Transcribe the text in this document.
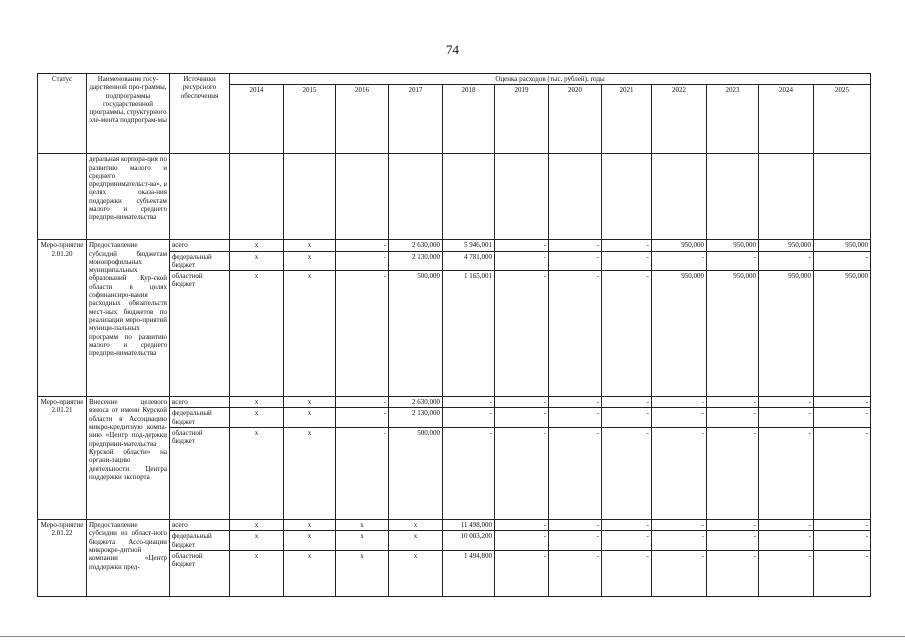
74
Статус	Наименование госу-дарственной про-граммы, подпрограммы государственной программы, структурного эле-мента подпрограм-мы	Источники ресурсного обеспечения	Оценка расходов (тыс. рублей), годы												
			2014	2015	2016	2017	2018	2019	2020	2021	2022	2023	2024	2025	
	деральная корпора-ция по развитию малого и среднего предпринимательст-ва», в целях оказа-ния поддержки субъектам малого и среднего предпри-нимательства														
Меро-приятие 2.01.20	Предоставление субсидий бюджетам монопрофильных муниципальных образований Кур-ской области в целях софинансиро-вания расходных обязательств мест-ных бюджетов по реализации меро-приятий муници-пальных программ по развитию малого и среднего предпри-нимательства	всего	x	x	-	2 630,000	5 946,001	-	-	-	950,000	950,000	950,000	950,000	
		федеральный бюджет	x	x	-	2 130,000	4 781,000	-	-	-	-	-	-	-	
		областной бюджет	x	x	-	500,000	1 165,001	-	-	-	950,000	950,000	950,000	950,000	
Меро-приятие 2.01.21	Внесение целевого взноса от имени Курской области в Ассоциацию микро-кредитную компа-нию «Центр под-держки предприни-мательства Курской области» на органи-зацию деятельности Центра поддержки экспорта	всего	x	x	-	2 630,000	-	-	-	-	-	-	-	-	
		федеральный бюджет	x	x	-	2 130,000	-	-	-	-	-	-	-	-	
		областной бюджет	x	x	-	500,000	-	-	-	-	-	-	-	-	
Меро-приятие 2.01.22	Предоставление субсидии из област-ного бюджета Ассо-циации микрокре-дитной компании «Центр поддержки пред-	всего	x	x	x	x	11 498,000	-	-	-	-	-	-	-	
		федеральный бюджет	x	x	x	x	10 003,200	-	-	-	-	-	-	-	
		областной бюджет	x	x	x	x	1 494,800	-	-	-	-	-	-	-	
